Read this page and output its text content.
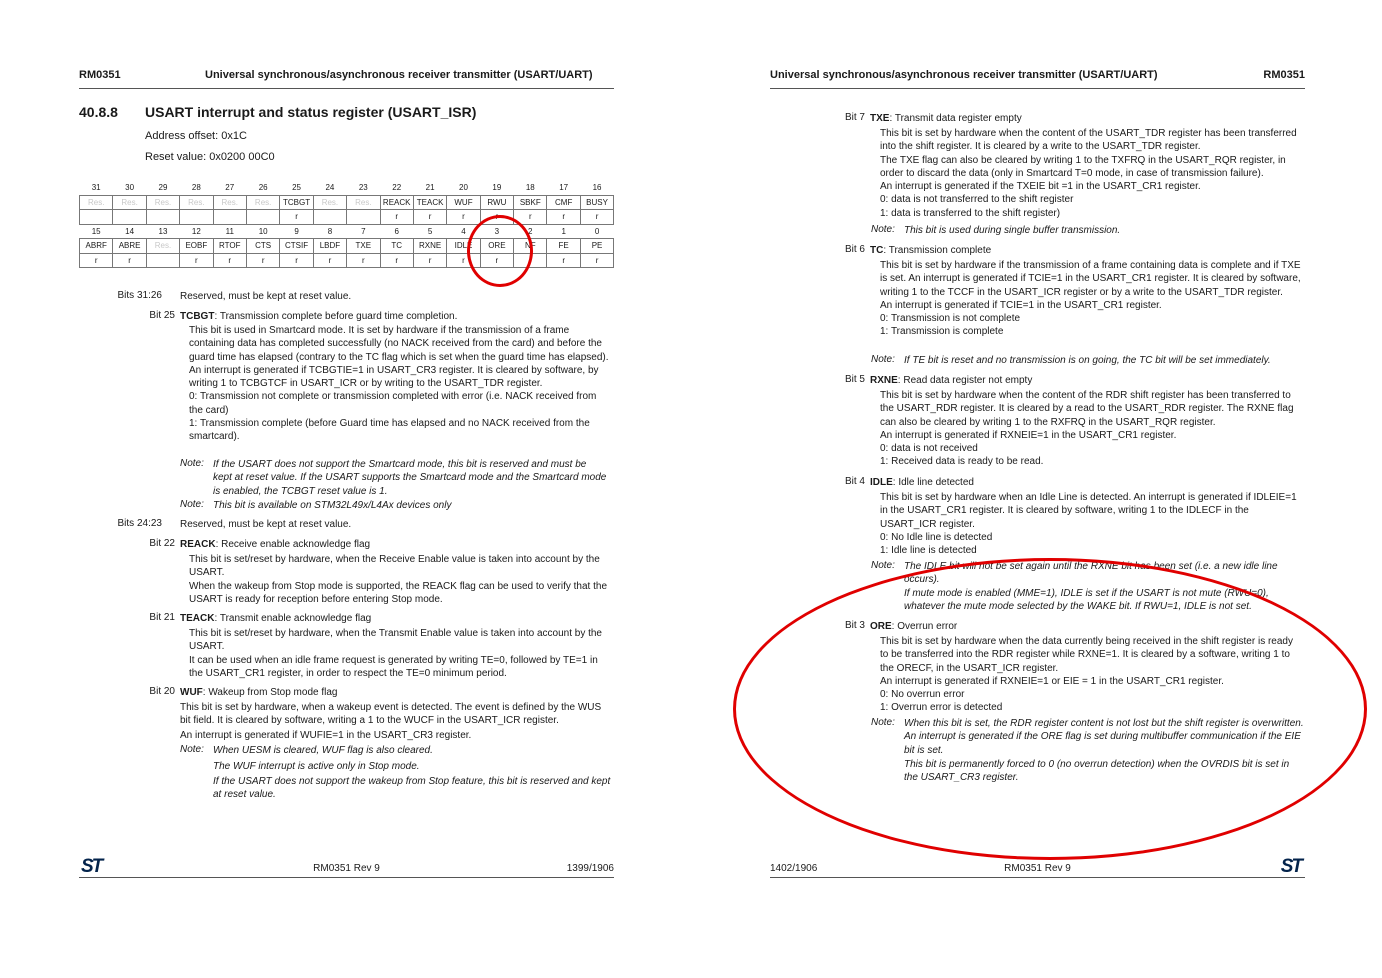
RM0351	Universal synchronous/asynchronous receiver transmitter (USART/UART)
40.8.8 USART interrupt and status register (USART_ISR)
Address offset: 0x1C
Reset value: 0x0200 00C0
31	30	29	28	27	26	25	24	23	22	21	20	19	18	17	16
Res.	Res.	Res.	Res.	Res.	Res.	TCBGT	Res.	Res.	REACK	TEACK	WUF	RWU	SBKF	CMF	BUSY
						r			r	r	r	r	r	r	r
15	14	13	12	11	10	9	8	7	6	5	4	3	2	1	0
ABRF	ABRE	Res.	EOBF	RTOF	CTS	CTSIF	LBDF	TXE	TC	RXNE	IDLE	ORE	NF	FE	PE
r	r		r	r	r	r	r	r	r	r	r	r	r	r	r
Bits 31:26 Reserved, must be kept at reset value.
Bit 25 TCBGT: Transmission complete before guard time completion.

This bit is used in Smartcard mode. It is set by hardware if the transmission of a frame containing data has completed successfully (no NACK received from the card) and before the guard time has elapsed (contrary to the TC flag which is set when the guard time has elapsed).

An interrupt is generated if TCBGTIE=1 in USART_CR3 register. It is cleared by software, by writing 1 to TCBGTCF in USART_ICR or by writing to the USART_TDR register.

0: Transmission not complete or transmission completed with error (i.e. NACK received from the card)

1: Transmission complete (before Guard time has elapsed and no NACK received from the smartcard).

Note: If the USART does not support the Smartcard mode, this bit is reserved and must be kept at reset value. If the USART supports the Smartcard mode and the Smartcard mode is enabled, the TCBGT reset value is 1.
Note: This bit is available on STM32L49x/L4Ax devices only
Bits 24:23 Reserved, must be kept at reset value.
Bit 22 REACK: Receive enable acknowledge flag

This bit is set/reset by hardware, when the Receive Enable value is taken into account by the USART.

When the wakeup from Stop mode is supported, the REACK flag can be used to verify that the USART is ready for reception before entering Stop mode.

Bit 21 TEACK: Transmit enable acknowledge flag

This bit is set/reset by hardware, when the Transmit Enable value is taken into account by the USART.

It can be used when an idle frame request is generated by writing TE=0, followed by TE=1 in the USART_CR1 register, in order to respect the TE=0 minimum period.

Bit 20 WUF: Wakeup from Stop mode flag
This bit is set by hardware, when a wakeup event is detected. The event is defined by the WUS bit field. It is cleared by software, writing a 1 to the WUCF in the USART_ICR register.
An interrupt is generated if WUFIE=1 in the USART_CR3 register.
Note: When UESM is cleared, WUF flag is also cleared.
The WUF interrupt is active only in Stop mode.
If the USART does not support the wakeup from Stop feature, this bit is reserved and kept at reset value.
ST	RM0351 Rev 9	1399/1906
Universal synchronous/asynchronous receiver transmitter (USART/UART)	RM0351
Bit 7 TXE: Transmit data register empty

This bit is set by hardware when the content of the USART_TDR register has been transferred into the shift register. It is cleared by a write to the USART_TDR register.

The TXE flag can also be cleared by writing 1 to the TXFRQ in the USART_RQR register, in order to discard the data (only in Smartcard T=0 mode, in case of transmission failure).

An interrupt is generated if the TXEIE bit =1 in the USART_CR1 register.

0: data is not transferred to the shift register

1: data is transferred to the shift register)

Note: This bit is used during single buffer transmission.
Bit 6 TC: Transmission complete

This bit is set by hardware if the transmission of a frame containing data is complete and if TXE is set. An interrupt is generated if TCIE=1 in the USART_CR1 register. It is cleared by software, writing 1 to the TCCF in the USART_ICR register or by a write to the USART_TDR register.

An interrupt is generated if TCIE=1 in the USART_CR1 register.

0: Transmission is not complete

1: Transmission is complete

Note: If TE bit is reset and no transmission is on going, the TC bit will be set immediately.
Bit 5 RXNE: Read data register not empty

This bit is set by hardware when the content of the RDR shift register has been transferred to the USART_RDR register. It is cleared by a read to the USART_RDR register. The RXNE flag can also be cleared by writing 1 to the RXFRQ in the USART_RQR register.

An interrupt is generated if RXNEIE=1 in the USART_CR1 register.

0: data is not received

1: Received data is ready to be read.

Bit 4 IDLE: Idle line detected

This bit is set by hardware when an Idle Line is detected. An interrupt is generated if IDLEIE=1 in the USART_CR1 register. It is cleared by software, writing 1 to the IDLECF in the USART_ICR register.

0: No Idle line is detected

1: Idle line is detected

Note: The IDLE bit will not be set again until the RXNE bit has been set (i.e. a new idle line occurs).
If mute mode is enabled (MME=1), IDLE is set if the USART is not mute (RWU=0), whatever the mute mode selected by the WAKE bit. If RWU=1, IDLE is not set.
Bit 3 ORE: Overrun error

This bit is set by hardware when the data currently being received in the shift register is ready to be transferred into the RDR register while RXNE=1. It is cleared by a software, writing 1 to the ORECF, in the USART_ICR register.

An interrupt is generated if RXNEIE=1 or EIE = 1 in the USART_CR1 register.

0: No overrun error

1: Overrun error is detected

Note: When this bit is set, the RDR register content is not lost but the shift register is overwritten. An interrupt is generated if the ORE flag is set during multibuffer communication if the EIE bit is set.
This bit is permanently forced to 0 (no overrun detection) when the OVRDIS bit is set in the USART_CR3 register.
1402/1906	RM0351 Rev 9	ST
